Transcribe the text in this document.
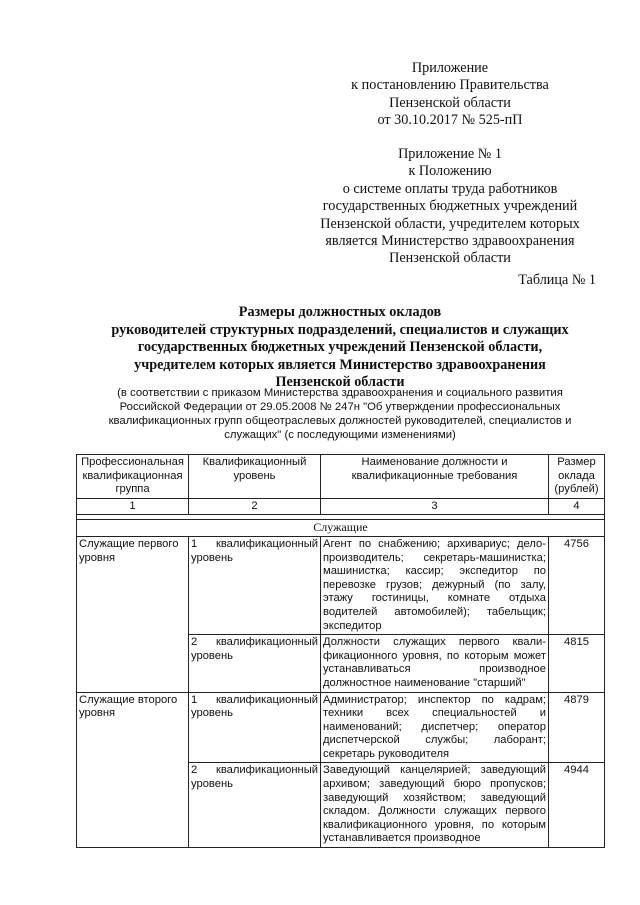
Приложение
к постановлению Правительства
Пензенской области
от 30.10.2017 № 525-пП
Приложение № 1
к Положению
о системе оплаты труда работников
государственных бюджетных учреждений
Пензенской области, учредителем которых
является Министерство здравоохранения
Пензенской области
Таблица № 1
Размеры должностных окладов
руководителей структурных подразделений, специалистов и служащих
государственных бюджетных учреждений Пензенской области,
учредителем которых является Министерство здравоохранения
Пензенской области
(в соответствии с приказом Министерства здравоохранения и социального развития
Российской Федерации от 29.05.2008 № 247н "Об утверждении профессиональных
квалификационных групп общеотраслевых должностей руководителей, специалистов и
служащих" (с последующими изменениями)
Профессиональная квалификационная группа	Квалификационный уровень	Наименование должности и квалификационные требования	Размер оклада (рублей)
1	2	3	4

Служащие			
Служащие первого уровня	1 квалификационный уровень	Агент по снабжению; архивариус; дело-производитель; секретарь-машинистка; машинистка; кассир; экспедитор по перевозке грузов; дежурный (по залу, этажу гостиницы, комнате отдыха водителей автомобилей); табельщик; экспедитор	4756
	2 квалификационный уровень	Должности служащих первого квали-фикационного уровня, по которым может устанавливаться производное должностное наименование "старший"	4815
Служащие второго уровня	1 квалификационный уровень	Администратор; инспектор по кадрам; техники всех специальностей и наименований; диспетчер; оператор диспетчерской службы; лаборант; секретарь руководителя	4879
	2 квалификационный уровень	Заведующий канцелярией; заведующий архивом; заведующий бюро пропусков; заведующий хозяйством; заведующий складом. Должности служащих первого квалификационного уровня, по которым устанавливается производное	4944
